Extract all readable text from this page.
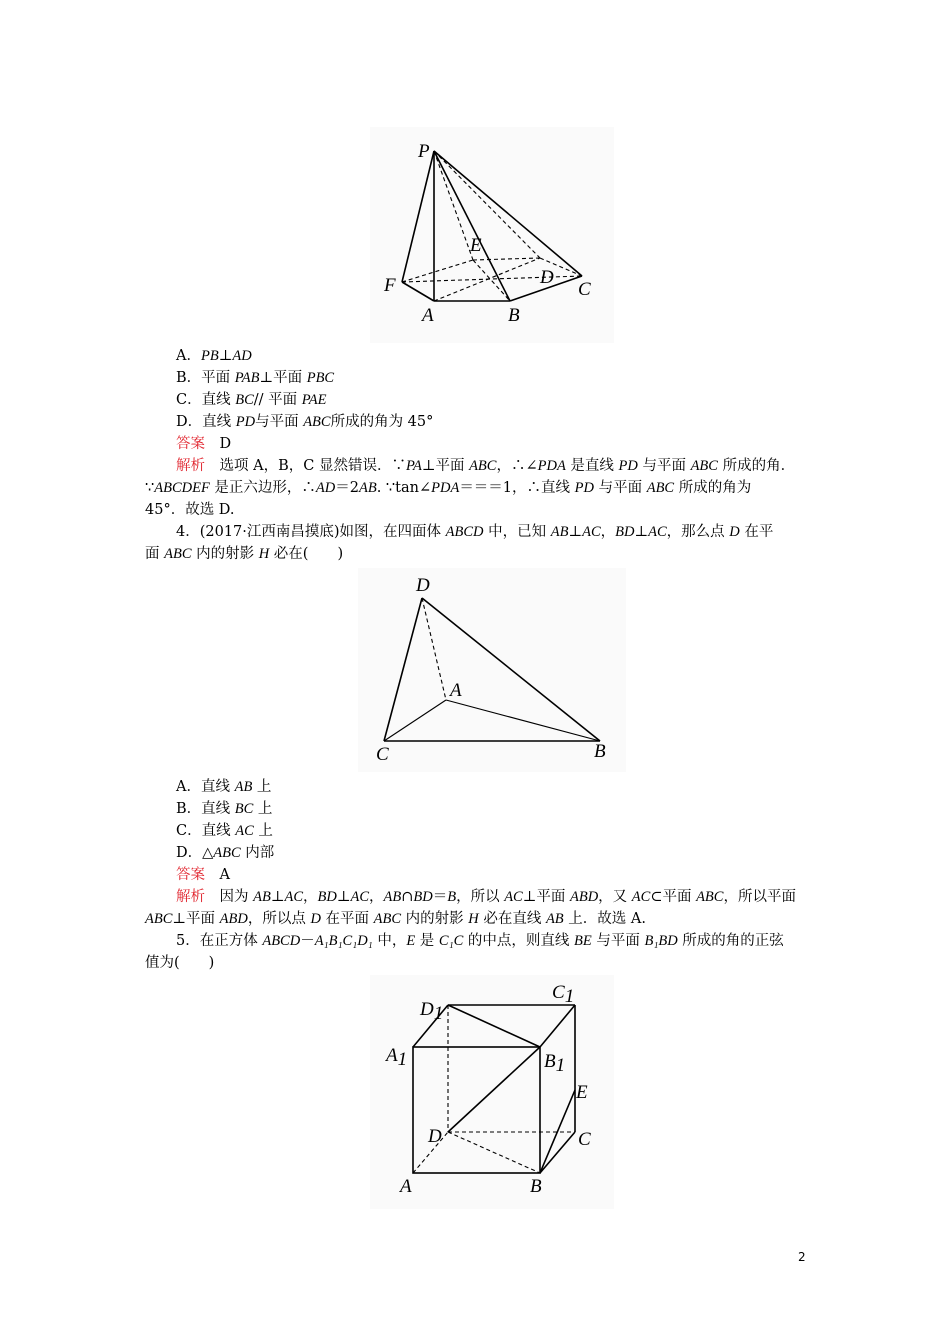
P
F
E
D
C
A	B
A．PB⊥AD
B．平面 PAB⊥平面 PBC
C．直线 BC// 平面 PAE
D．直线 PD与平面 ABC所成的角为 45°
答案　 D
解析　 选项 A，B，C 显然错误．∵PA⊥平面 ABC，∴∠PDA 是直线 PD 与平面 ABC 所成的角．
∵ABCDEF 是正六边形，∴AD＝2AB. ∵tan∠PDA＝＝＝1，∴直线 PD 与平面 ABC 所成的角为
45°．故选 D.
4．(2017·江西南昌摸底)如图，在四面体 ABCD 中，已知 AB⊥AC，BD⊥AC，那么点 D 在平
面 ABC 内的射影 H 必在(　　)
D
A
C	B
A．直线 AB 上
B．直线 BC 上
C．直线 AC 上
D．△ABC 内部
答案　 A
解析　 因为 AB⊥AC，BD⊥AC，AB∩BD＝B，所以 AC⊥平面 ABD，又 AC⊂平面 ABC，所以平面
ABC⊥平面 ABD，所以点 D 在平面 ABC 内的射影 H 必在直线 AB 上．故选 A.
5．在正方体 ABCD－A₁B₁C₁D₁ 中，E 是 C₁C 的中点，则直线 BE 与平面 B₁BD 所成的角的正弦
值为(　　)
D1
C1
A1	B1
E
D	C
A	B
2
